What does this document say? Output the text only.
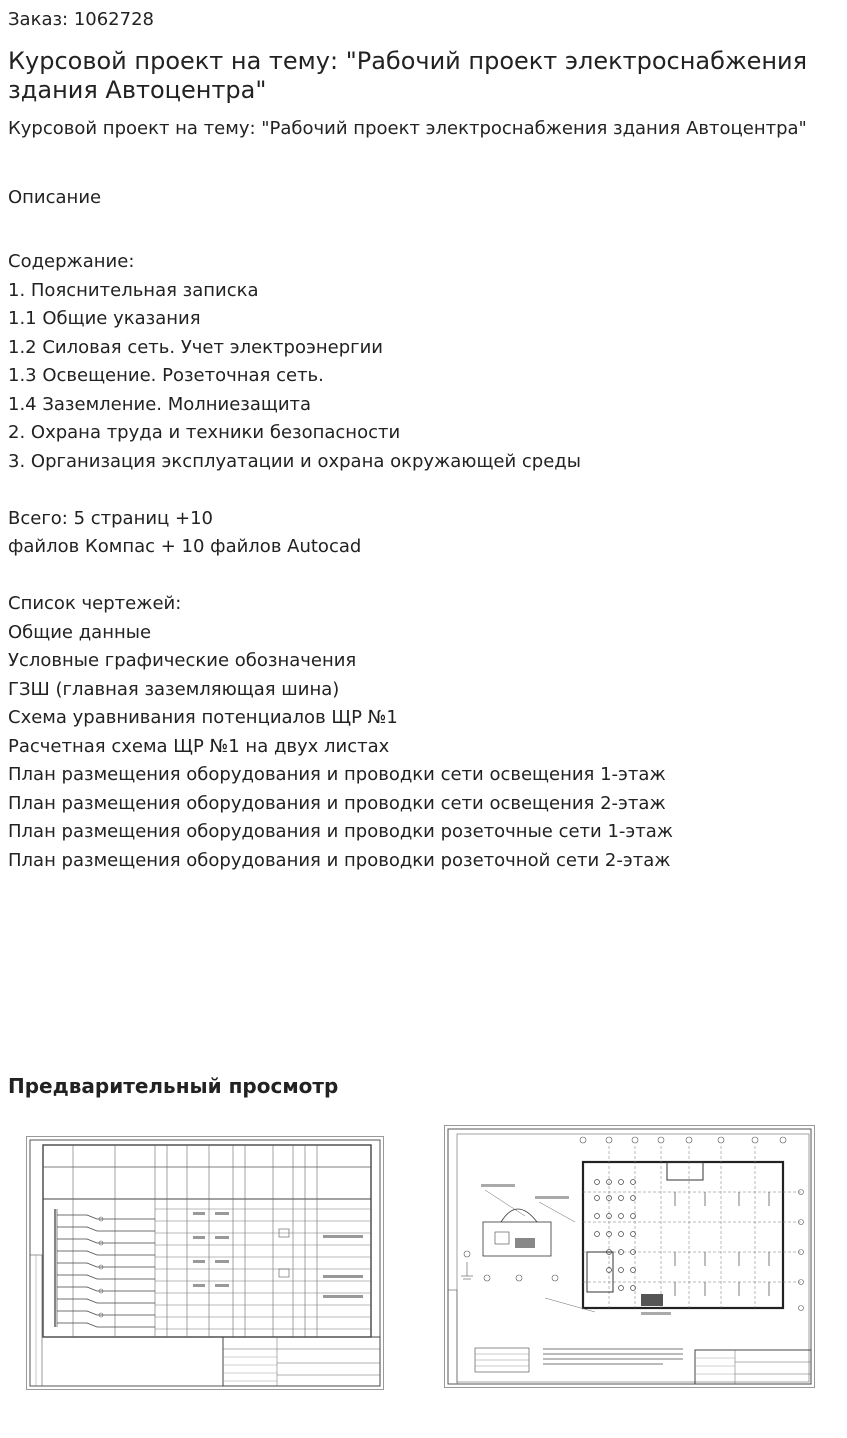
Заказ: 1062728
Курсовой проект на тему: "Рабочий проект электроснабжения здания Автоцентра"

Курсовой проект на тему: "Рабочий проект электроснабжения здания Автоцентра"

Описание
Содержание:
1. Пояснительная записка
1.1 Общие указания
1.2 Силовая сеть. Учет электроэнергии
1.3 Освещение. Розеточная сеть.
1.4 Заземление. Молниезащита
2. Охрана труда и техники безопасности
3. Организация эксплуатации и охрана окружающей среды
Всего: 5 страниц +10
файлов Компас + 10 файлов Autocad
Список чертежей:
Общие данные
Условные графические обозначения
ГЗШ (главная заземляющая шина)
Схема уравнивания потенциалов ЩР №1
Расчетная схема ЩР №1 на двух листах
План размещения оборудования и проводки сети освещения 1-этаж
План размещения оборудования и проводки сети освещения 2-этаж
План размещения оборудования и проводки розеточные сети 1-этаж
План размещения оборудования и проводки розеточной сети 2-этаж
Предварительный просмотр
